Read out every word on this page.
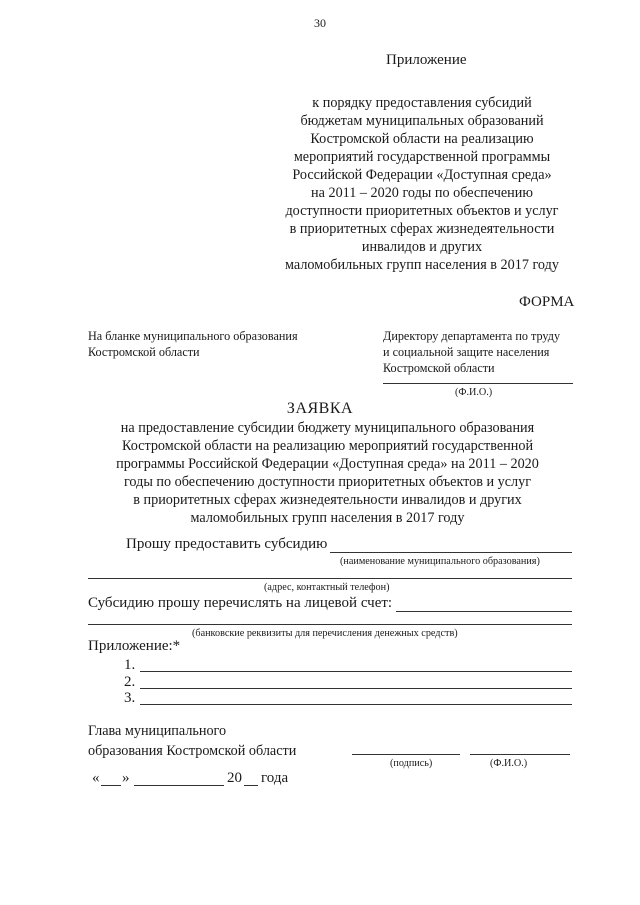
30
Приложение
к порядку предоставления субсидий
бюджетам муниципальных образований
Костромской области на реализацию
мероприятий государственной программы
Российской Федерации «Доступная среда»
на 2011 – 2020 годы по обеспечению
доступности приоритетных объектов и услуг
в приоритетных сферах жизнедеятельности
инвалидов и других
маломобильных групп населения в 2017 году
ФОРМА
На бланке муниципального образования
Костромской области
Директору департамента по труду
и социальной защите населения
Костромской области
(Ф.И.О.)
ЗАЯВКА
на предоставление субсидии бюджету муниципального образования
Костромской области на реализацию мероприятий государственной
программы Российской Федерации «Доступная среда» на 2011 – 2020
годы по обеспечению доступности приоритетных объектов и услуг
в приоритетных сферах жизнедеятельности инвалидов и других
маломобильных групп населения в 2017 году
Прошу предоставить субсидию
(наименование муниципального образования)
(адрес, контактный телефон)
Субсидию прошу перечислять на лицевой счет:
(банковские реквизиты для перечисления денежных средств)
Приложение:*
1.
2.
3.
Глава муниципального
образования Костромской области
(подпись)	(Ф.И.О.)
« »	20 года
